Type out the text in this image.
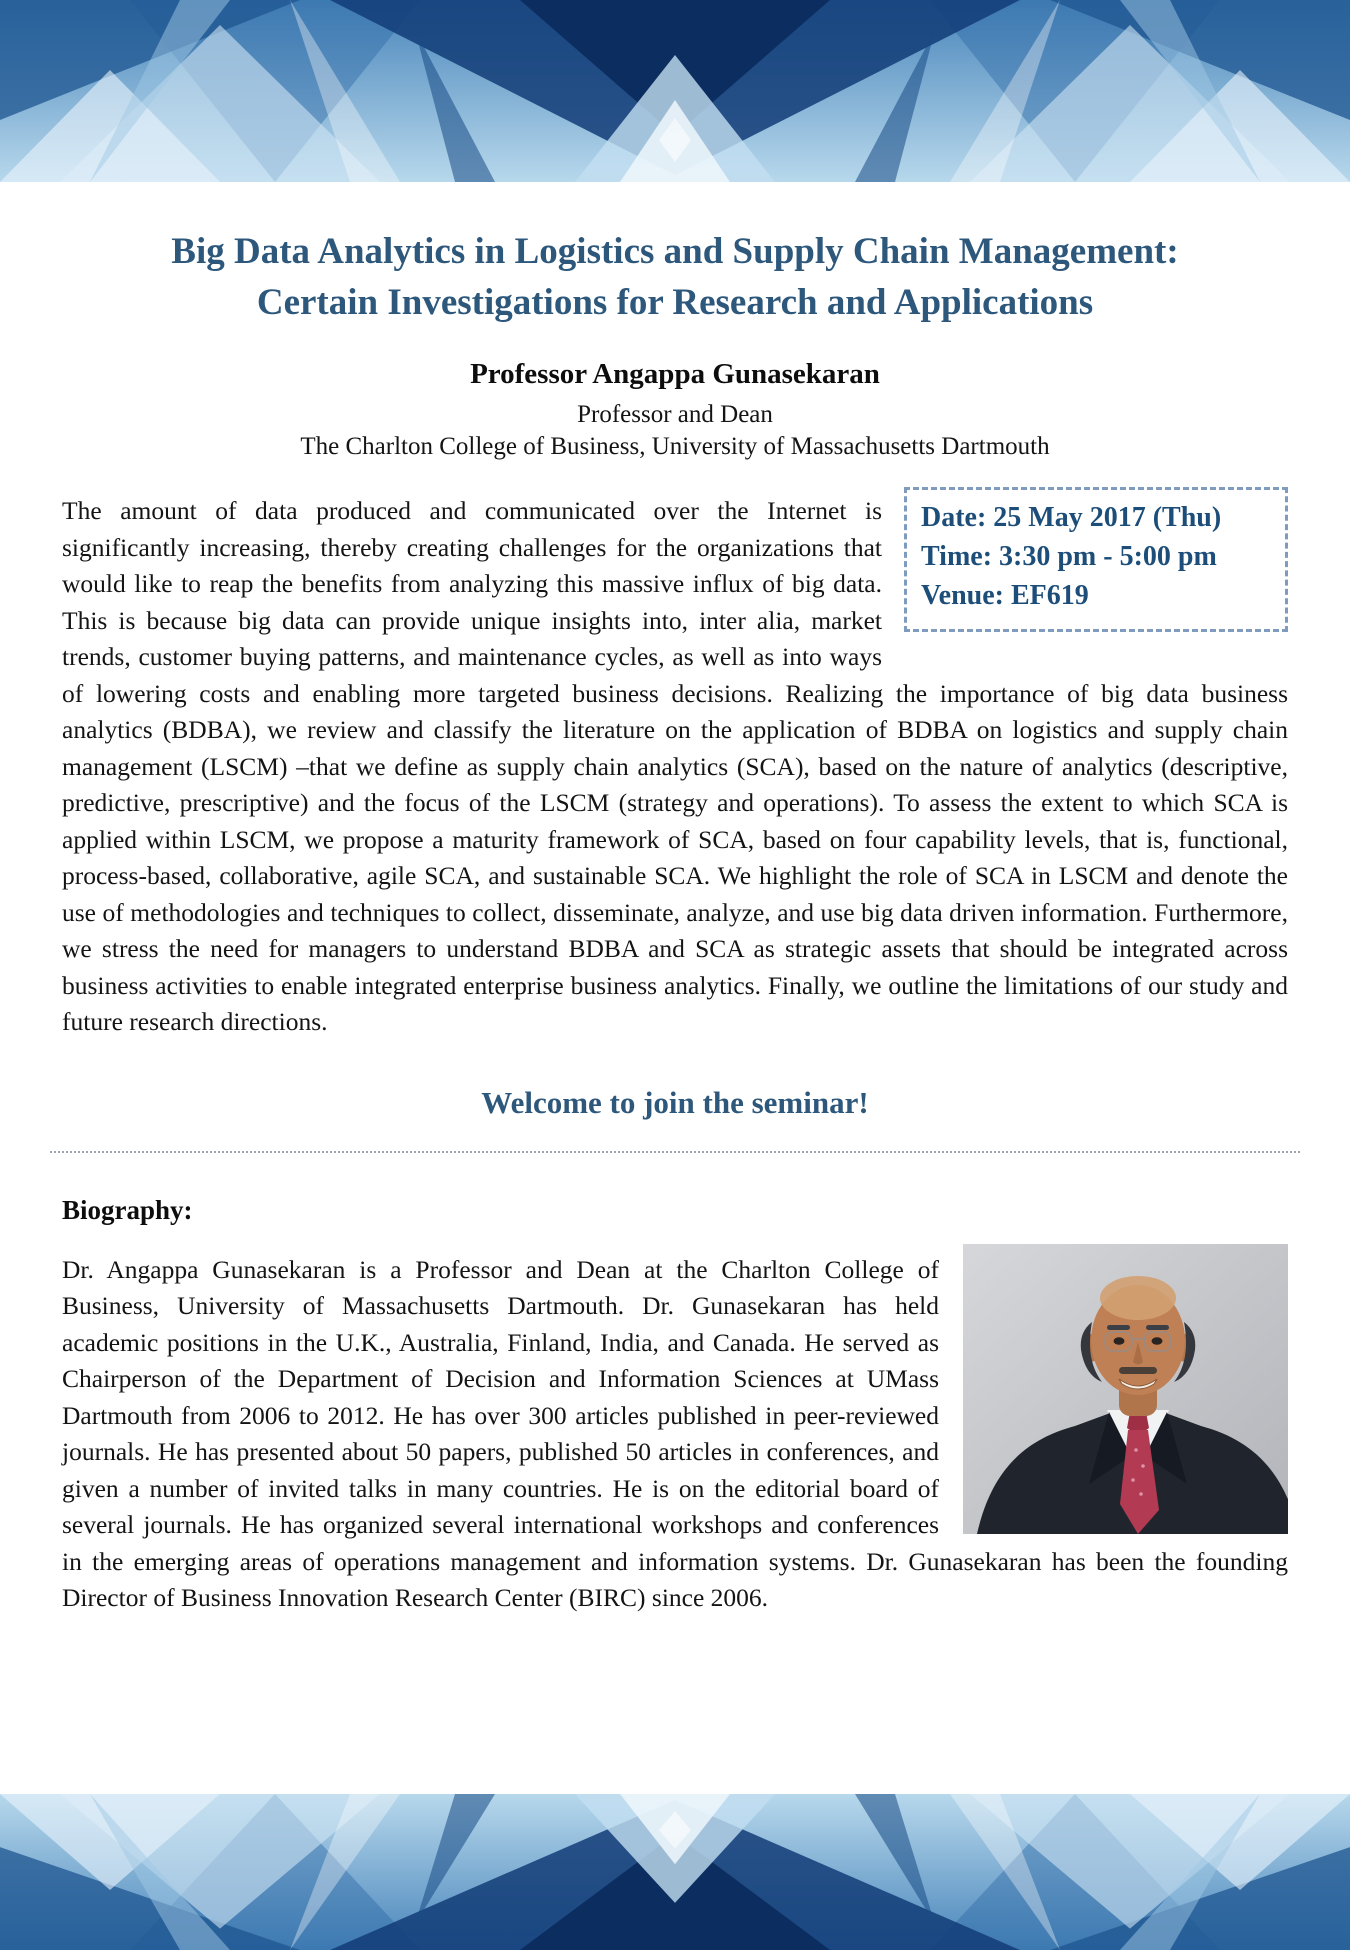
Big Data Analytics in Logistics and Supply Chain Management:
Certain Investigations for Research and Applications
Professor Angappa Gunasekaran
Professor and Dean
The Charlton College of Business, University of Massachusetts Dartmouth

Date: 25 May 2017 (Thu)
Time: 3:30 pm - 5:00 pm
Venue: EF619
The amount of data produced and communicated over the Internet is significantly increasing, thereby creating challenges for the organizations that would like to reap the benefits from analyzing this massive influx of big data. This is because big data can provide unique insights into, inter alia, market trends, customer buying patterns, and maintenance cycles, as well as into ways of lowering costs and enabling more targeted business decisions. Realizing the importance of big data business analytics (BDBA), we review and classify the literature on the application of BDBA on logistics and supply chain management (LSCM) –that we define as supply chain analytics (SCA), based on the nature of analytics (descriptive, predictive, prescriptive) and the focus of the LSCM (strategy and operations). To assess the extent to which SCA is applied within LSCM, we propose a maturity framework of SCA, based on four capability levels, that is, functional, process-based, collaborative, agile SCA, and sustainable SCA. We highlight the role of SCA in LSCM and denote the use of methodologies and techniques to collect, disseminate, analyze, and use big data driven information. Furthermore, we stress the need for managers to understand BDBA and SCA as strategic assets that should be integrated across business activities to enable integrated enterprise business analytics. Finally, we outline the limitations of our study and future research directions.

Welcome to join the seminar!
Biography:

Dr. Angappa Gunasekaran is a Professor and Dean at the Charlton College of Business, University of Massachusetts Dartmouth. Dr. Gunasekaran has held academic positions in the U.K., Australia, Finland, India, and Canada. He served as Chairperson of the Department of Decision and Information Sciences at UMass Dartmouth from 2006 to 2012. He has over 300 articles published in peer-reviewed journals. He has presented about 50 papers, published 50 articles in conferences, and given a number of invited talks in many countries. He is on the editorial board of several journals. He has organized several international workshops and conferences in the emerging areas of operations management and information systems. Dr. Gunasekaran has been the founding Director of Business Innovation Research Center (BIRC) since 2006.
